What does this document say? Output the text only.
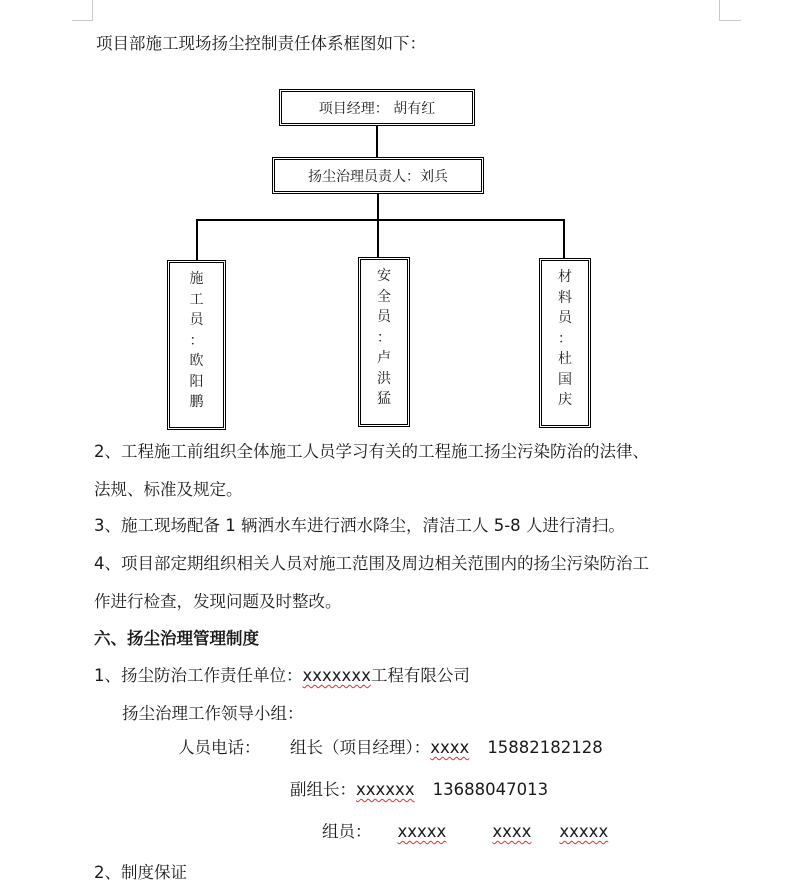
项目部施工现场扬尘控制责任体系框图如下：
项目经理： 胡有红
扬尘治理员责人：刘兵
施
工
员
：
欧
阳
鹏
安
全
员
：
卢
洪
猛
材
料
员
：
杜
国
庆
2、工程施工前组织全体施工人员学习有关的工程施工扬尘污染防治的法律、
法规、标准及规定。
3、施工现场配备 1 辆洒水车进行洒水降尘，清洁工人 5-8 人进行清扫。
4、项目部定期组织相关人员对施工范围及周边相关范围内的扬尘污染防治工
作进行检查，发现问题及时整改。
六、扬尘治理管理制度
1、扬尘防治工作责任单位：xxxxxxx工程有限公司
扬尘治理工作领导小组：
人员电话： 组长（项目经理）：xxxx 15882182128
副组长：xxxxxx 13688047013
组员： xxxxx	xxxx xxxxx
2、制度保证
